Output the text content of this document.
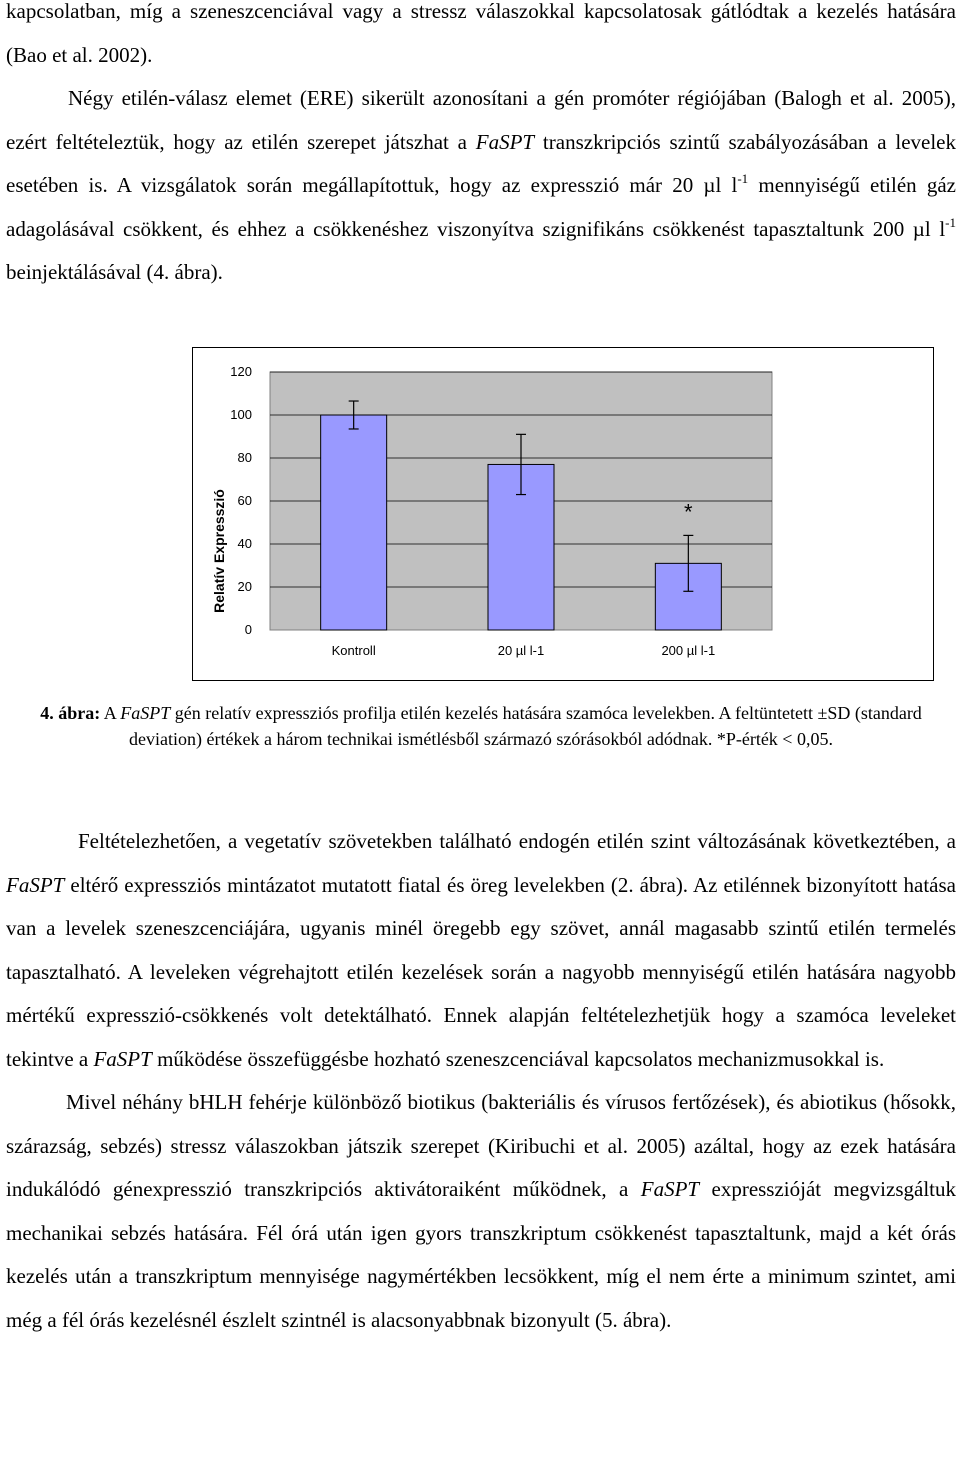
kapcsolatban, míg a szeneszcenciával vagy a stressz válaszokkal kapcsolatosak gátlódtak a kezelés hatására (Bao et al. 2002).

Négy etilén-válasz elemet (ERE) sikerült azonosítani a gén promóter régiójában (Balogh et al. 2005), ezért feltételeztük, hogy az etilén szerepet játszhat a FaSPT transzkripciós szintű szabályozásában a levelek esetében is. A vizsgálatok során megállapítottuk, hogy az expresszió már 20 µl $l^{-1}$ mennyiségű etilén gáz adagolásával csökkent, és ehhez a csökkenéshez viszonyítva szignifikáns csökkenést tapasztaltunk 200 µl $l^{-1}$ beinjektálásával (4. ábra).

0
20
40
60
80
100
120
Relatív Expresszió
Kontroll	20 µl l-1	200 µl l-1
*
4. ábra: A FaSPT gén relatív expressziós profilja etilén kezelés hatására szamóca levelekben. A feltüntetett ±SD (standard deviation) értékek a három technikai ismétlésből származó szórásokból adódnak. *P-érték < 0,05.

Feltételezhetően, a vegetatív szövetekben található endogén etilén szint változásának következtében, a FaSPT eltérő expressziós mintázatot mutatott fiatal és öreg levelekben (2. ábra). Az etilénnek bizonyított hatása van a levelek szeneszcenciájára, ugyanis minél öregebb egy szövet, annál magasabb szintű etilén termelés tapasztalható. A leveleken végrehajtott etilén kezelések során a nagyobb mennyiségű etilén hatására nagyobb mértékű expresszió-csökkenés volt detektálható. Ennek alapján feltételezhetjük hogy a szamóca leveleket tekintve a FaSPT működése összefüggésbe hozható szeneszcenciával kapcsolatos mechanizmusokkal is.

Mivel néhány bHLH fehérje különböző biotikus (bakteriális és vírusos fertőzések), és abiotikus (hősokk, szárazság, sebzés) stressz válaszokban játszik szerepet (Kiribuchi et al. 2005) azáltal, hogy az ezek hatására indukálódó génexpresszió transzkripciós aktivátoraiként működnek, a FaSPT expresszióját megvizsgáltuk mechanikai sebzés hatására. Fél órá után igen gyors transzkriptum csökkenést tapasztaltunk, majd a két órás kezelés után a transzkriptum mennyisége nagymértékben lecsökkent, míg el nem érte a minimum szintet, ami még a fél órás kezelésnél észlelt szintnél is alacsonyabbnak bizonyult (5. ábra).
